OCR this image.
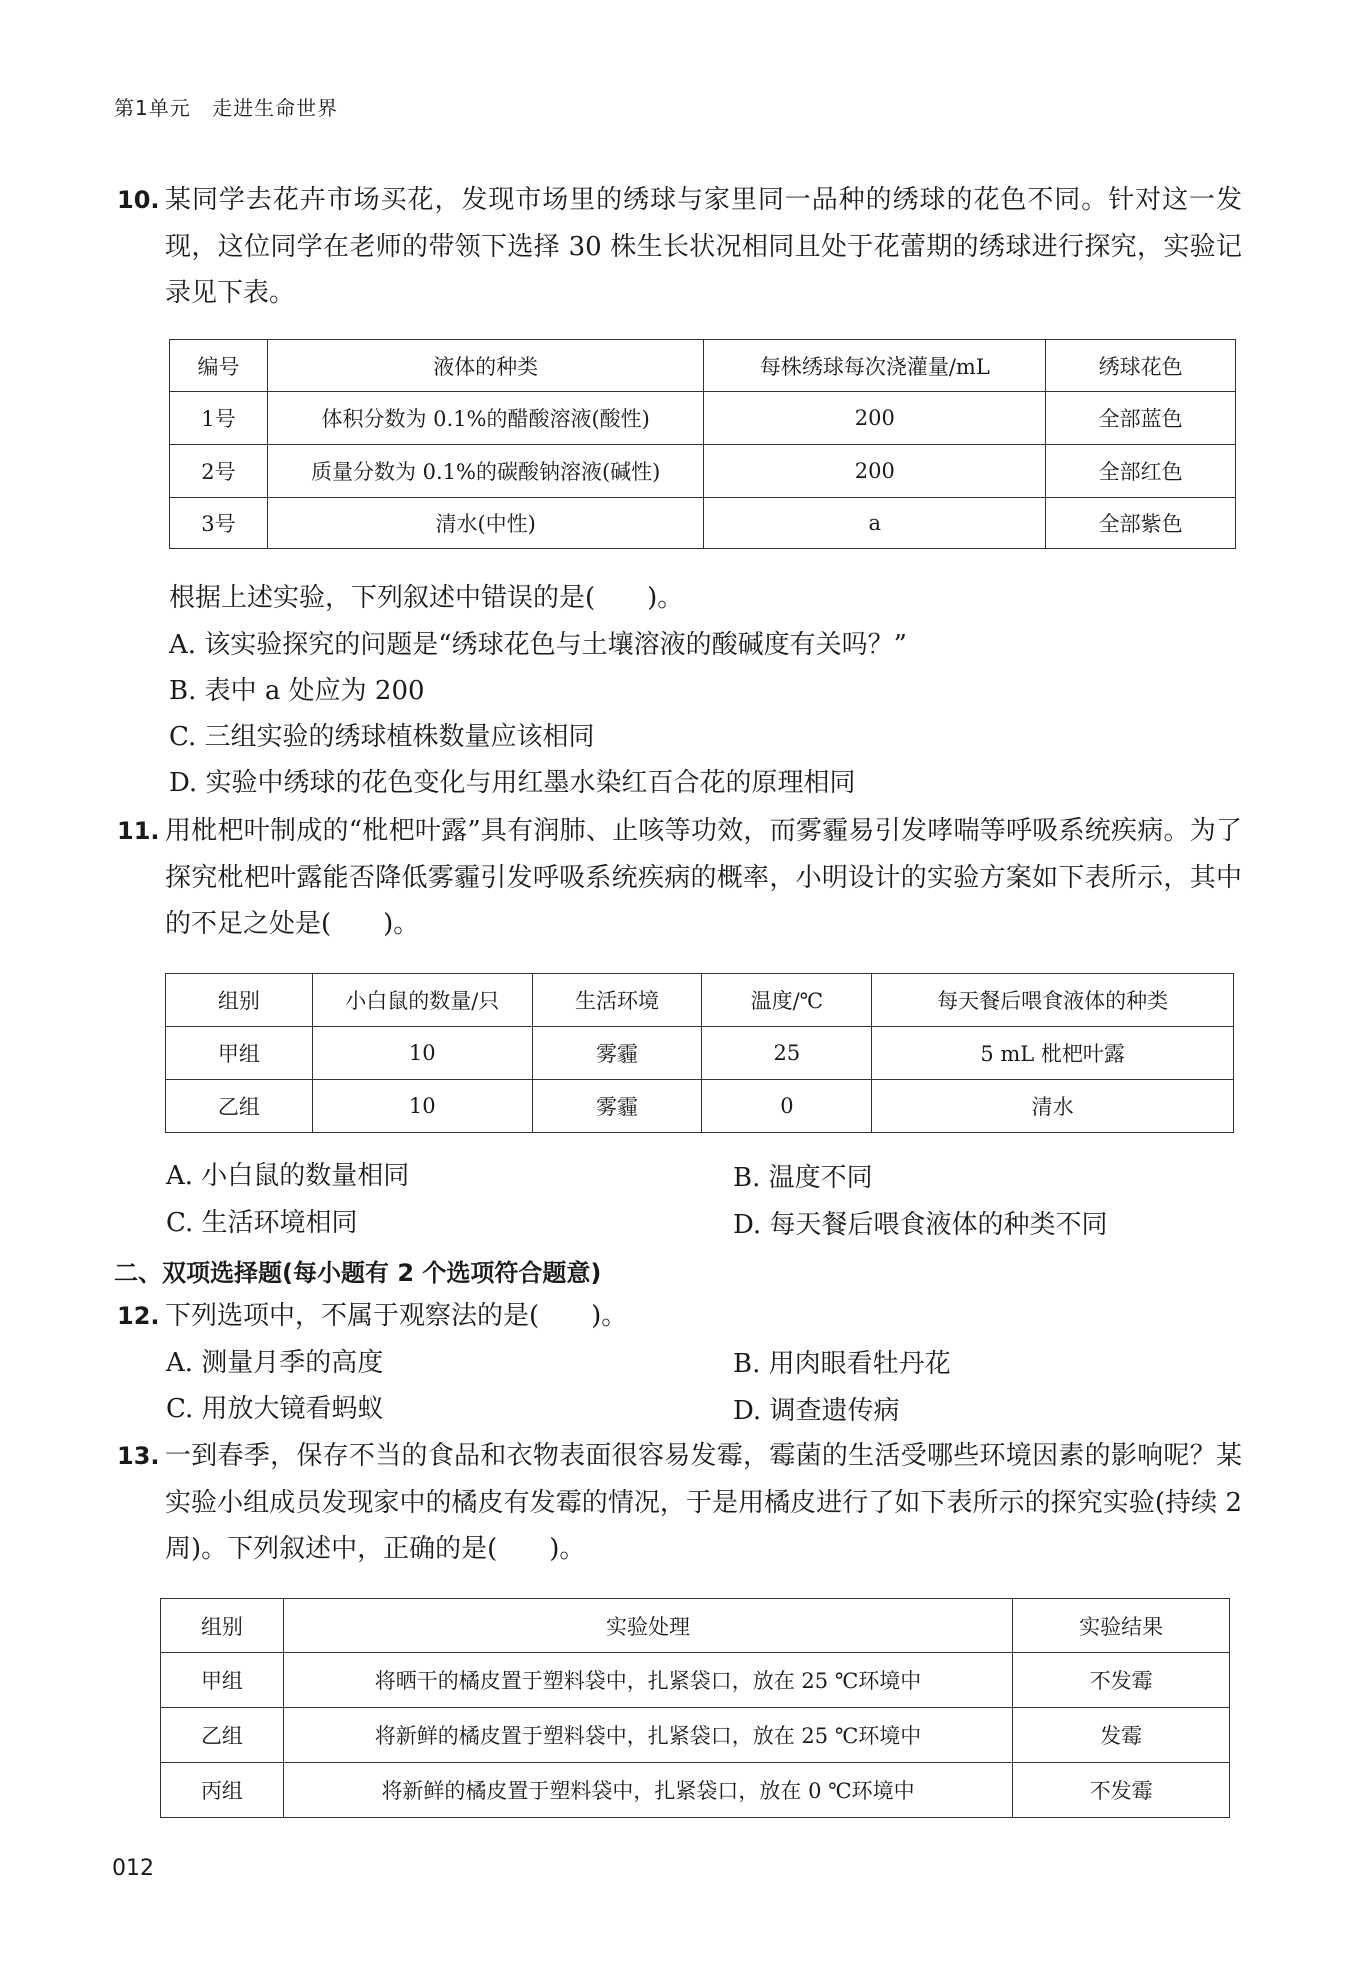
第1单元 走进生命世界
10. 某同学去花卉市场买花，发现市场里的绣球与家里同一品种的绣球的花色不同。针对这一发现，这位同学在老师的带领下选择 30 株生长状况相同且处于花蕾期的绣球进行探究，实验记录见下表。
编号	液体的种类	每株绣球每次浇灌量/mL	绣球花色
1号	体积分数为 0.1%的醋酸溶液(酸性)	200	全部蓝色
2号	质量分数为 0.1%的碳酸钠溶液(碱性)	200	全部红色
3号	清水(中性)	a	全部紫色
根据上述实验，下列叙述中错误的是(　　)。
A. 该实验探究的问题是“绣球花色与土壤溶液的酸碱度有关吗？”
B. 表中 a 处应为 200
C. 三组实验的绣球植株数量应该相同
D. 实验中绣球的花色变化与用红墨水染红百合花的原理相同
11. 用枇杷叶制成的“枇杷叶露”具有润肺、止咳等功效，而雾霾易引发哮喘等呼吸系统疾病。为了探究枇杷叶露能否降低雾霾引发呼吸系统疾病的概率，小明设计的实验方案如下表所示，其中的不足之处是(　　)。
组别	小白鼠的数量/只	生活环境	温度/℃	每天餐后喂食液体的种类
甲组	10	雾霾	25	5 mL 枇杷叶露
乙组	10	雾霾	0	清水
A. 小白鼠的数量相同	B. 温度不同
C. 生活环境相同	D. 每天餐后喂食液体的种类不同
二、双项选择题(每小题有 2 个选项符合题意)
12. 下列选项中，不属于观察法的是(　　)。
A. 测量月季的高度	B. 用肉眼看牡丹花
C. 用放大镜看蚂蚁	D. 调查遗传病
13. 一到春季，保存不当的食品和衣物表面很容易发霉，霉菌的生活受哪些环境因素的影响呢？某实验小组成员发现家中的橘皮有发霉的情况，于是用橘皮进行了如下表所示的探究实验(持续 2 周)。下列叙述中，正确的是(　　)。
组别	实验处理	实验结果
甲组	将晒干的橘皮置于塑料袋中，扎紧袋口，放在 25 ℃环境中	不发霉
乙组	将新鲜的橘皮置于塑料袋中，扎紧袋口，放在 25 ℃环境中	发霉
丙组	将新鲜的橘皮置于塑料袋中，扎紧袋口，放在 0 ℃环境中	不发霉
012
